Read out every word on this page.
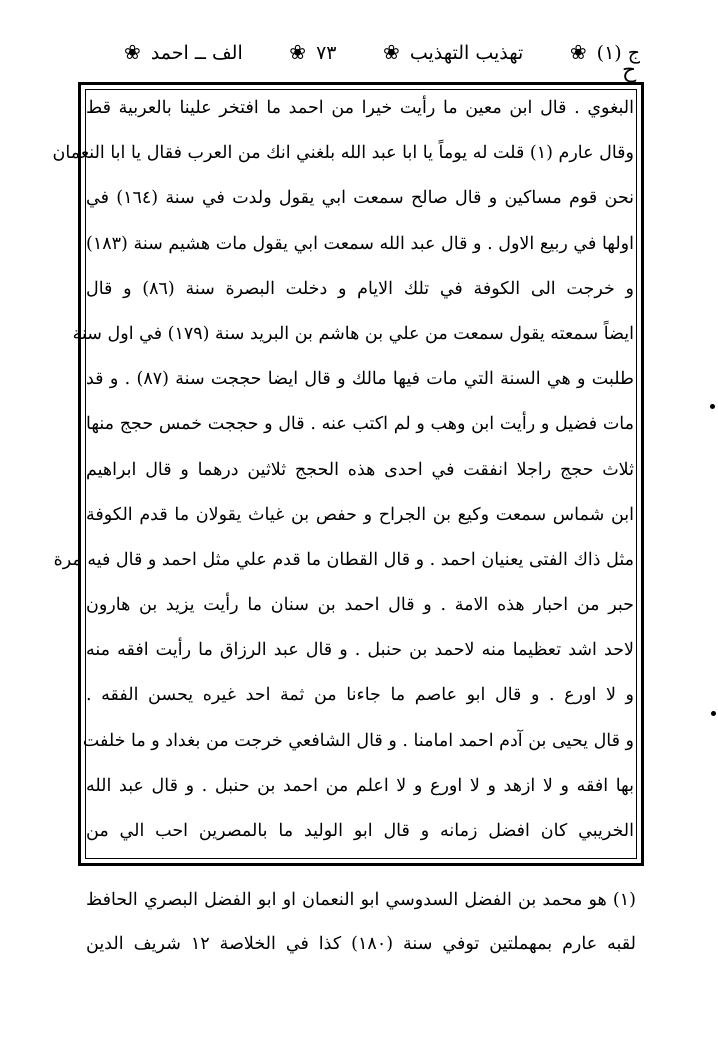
ج (١) ❀
تهذيب التهذيب ❀
٧٣ ❀
الف ــ احمد ❀
ح
البغوي . قال ابن معين ما رأيت خيرا من احمد ما افتخر علينا بالعربية قط
وقال عارم (١) قلت له يوماً يا ابا عبد الله بلغني انك من العرب فقال يا ابا النعمان
نحن قوم مساكين و قال صالح سمعت ابي يقول ولدت في سنة (١٦٤) في
اولها في ربيع الاول . و قال عبد الله سمعت ابي يقول مات هشيم سنة (١٨٣)
و خرجت الى الكوفة في تلك الايام و دخلت البصرة سنة (٨٦) و قال
ايضاً سمعته يقول سمعت من علي بن هاشم بن البريد سنة (١٧٩) في اول سنة
طلبت و هي السنة التي مات فيها مالك و قال ايضا حججت سنة (٨٧) . و قد
مات فضيل و رأيت ابن وهب و لم اكتب عنه . قال و حججت خمس حجج منها
ثلاث حجج راجلا انفقت في احدى هذه الحجج ثلاثين درهما و قال ابراهيم
ابن شماس سمعت وكيع بن الجراح و حفص بن غياث يقولان ما قدم الكوفة
مثل ذاك الفتى يعنيان احمد . و قال القطان ما قدم علي مثل احمد و قال فيه مرة
حبر من احبار هذه الامة . و قال احمد بن سنان ما رأيت يزيد بن هارون
لاحد اشد تعظيما منه لاحمد بن حنبل . و قال عبد الرزاق ما رأيت افقه منه
و لا اورع . و قال ابو عاصم ما جاءنا من ثمة احد غيره يحسن الفقه .
و قال يحيى بن آدم احمد امامنا . و قال الشافعي خرجت من بغداد و ما خلفت
بها افقه و لا ازهد و لا اورع و لا اعلم من احمد بن حنبل . و قال عبد الله
الخريبي كان افضل زمانه و قال ابو الوليد ما بالمصرين احب الي من
(١) هو محمد بن الفضل السدوسي ابو النعمان او ابو الفضل البصري الحافظ
لقبه عارم بمهملتين توفي سنة (١٨٠) كذا في الخلاصة ١٢ شريف الدين
